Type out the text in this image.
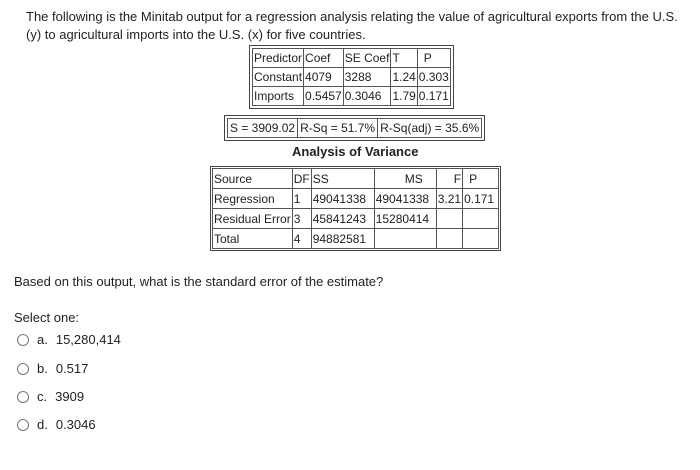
The following is the Minitab output for a regression analysis relating the value of agricultural exports from the U.S. (y) to agricultural imports into the U.S. (x) for five countries.
Predictor	Coef	SE Coef	T	P
Constant	4079	3288	1.24	0.303
Imports	0.5457	0.3046	1.79	0.171
S = 3909.02	R-Sq = 51.7%	R-Sq(adj) = 35.6%
Analysis of Variance
Source	DF	SS	MS	F	P
Regression	1	49041338	49041338	3.21	0.171
Residual Error	3	45841243	15280414		
Total	4	94882581			
Based on this output, what is the standard error of the estimate?
Select one:
a. 15,280,414
b. 0.517
c. 3909
d. 0.3046
